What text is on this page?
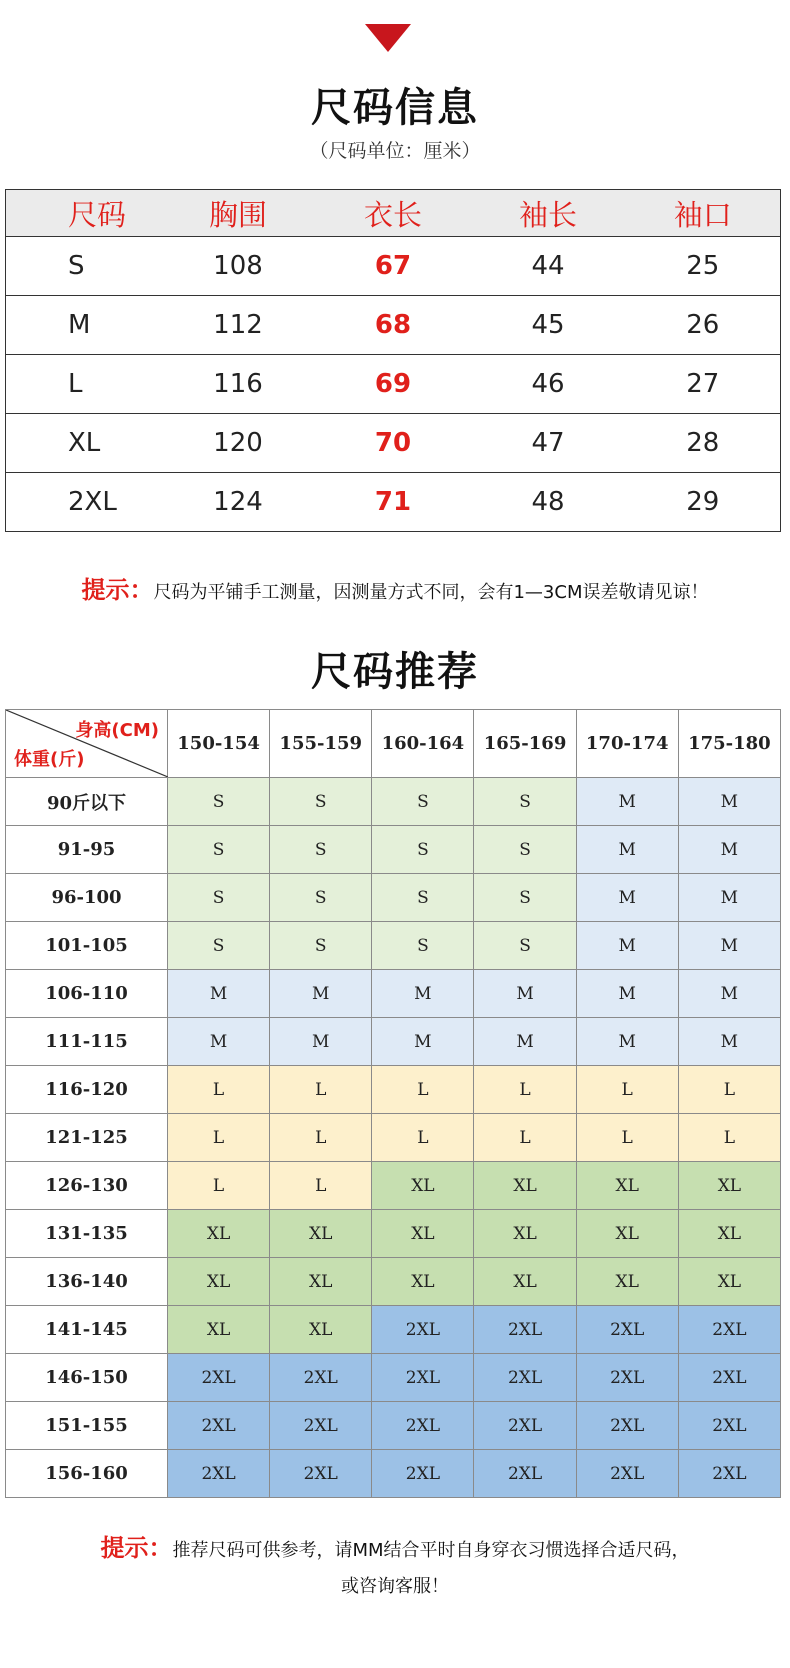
尺码信息
（尺码单位：厘米）
尺码	胸围	衣长	袖长	袖口
S	108	67	44	25
M	112	68	45	26
L	116	69	46	27
XL	120	70	47	28
2XL	124	71	48	29
提示：尺码为平铺手工测量，因测量方式不同，会有1—3CM误差敬请见谅！
尺码推荐
身高(CM)
体重(斤)	150-154	155-159	160-164	165-169	170-174	175-180
90斤以下	S	S	S	S	M	M
91-95	S	S	S	S	M	M
96-100	S	S	S	S	M	M
101-105	S	S	S	S	M	M
106-110	M	M	M	M	M	M
111-115	M	M	M	M	M	M
116-120	L	L	L	L	L	L
121-125	L	L	L	L	L	L
126-130	L	L	XL	XL	XL	XL
131-135	XL	XL	XL	XL	XL	XL
136-140	XL	XL	XL	XL	XL	XL
141-145	XL	XL	2XL	2XL	2XL	2XL
146-150	2XL	2XL	2XL	2XL	2XL	2XL
151-155	2XL	2XL	2XL	2XL	2XL	2XL
156-160	2XL	2XL	2XL	2XL	2XL	2XL
提示：推荐尺码可供参考，请MM结合平时自身穿衣习惯选择合适尺码，
或咨询客服！
